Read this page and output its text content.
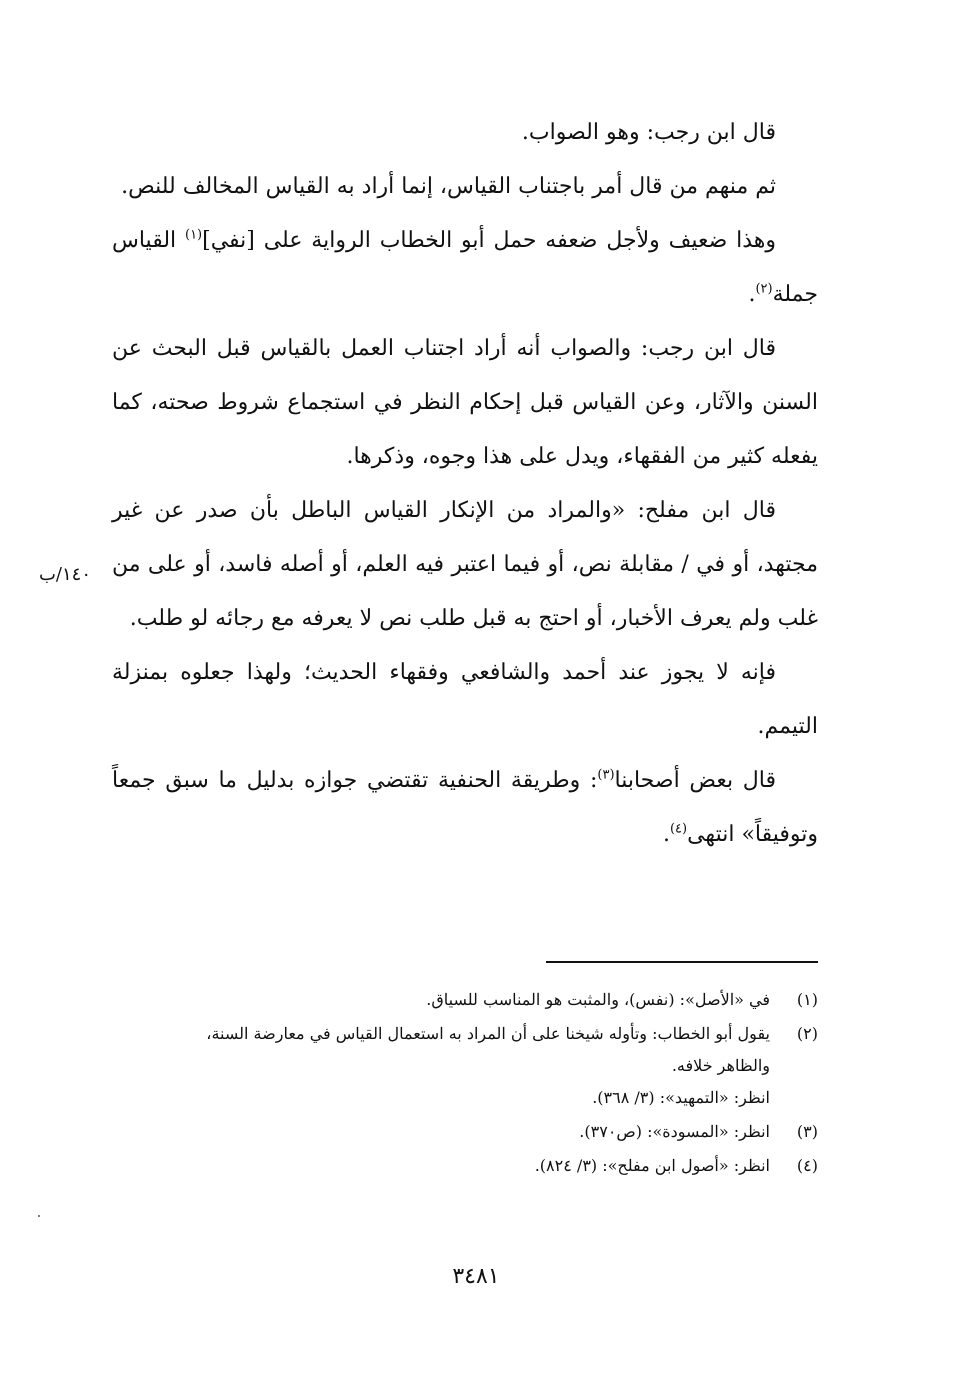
قال ابن رجب: وهو الصواب.

ثم منهم من قال أمر باجتناب القياس، إنما أراد به القياس المخالف للنص.

وهذا ضعيف ولأجل ضعفه حمل أبو الخطاب الرواية على [نفي]$^{(١)}$ القياس جملة$^{(٢)}$.

قال ابن رجب: والصواب أنه أراد اجتناب العمل بالقياس قبل البحث عن السنن والآثار، وعن القياس قبل إحكام النظر في استجماع شروط صحته، كما يفعله كثير من الفقهاء، ويدل على هذا وجوه، وذكرها.

قال ابن مفلح: «والمراد من الإنكار القياس الباطل بأن صدر عن غير مجتهد، أو في / مقابلة نص، أو فيما اعتبر فيه العلم، أو أصله فاسد، أو على من غلب ولم يعرف الأخبار، أو احتج به قبل طلب نص لا يعرفه مع رجائه لو طلب.

فإنه لا يجوز عند أحمد والشافعي وفقهاء الحديث؛ ولهذا جعلوه بمنزلة التيمم.

قال بعض أصحابنا$^{(٣)}$: وطريقة الحنفية تقتضي جوازه بدليل ما سبق جمعاً وتوفيقاً» انتهى$^{(٤)}$.

١٤٠/ب
(١)
في «الأصل»: (نفس)، والمثبت هو المناسب للسياق.
(٢)
يقول أبو الخطاب: وتأوله شيخنا على أن المراد به استعمال القياس في معارضة السنة،
والظاهر خلافه.
انظر: «التمهيد»: (٣/ ٣٦٨).
(٣)
انظر: «المسودة»: (ص٣٧٠).
(٤)
انظر: «أصول ابن مفلح»: (٣/ ٨٢٤).
٣٤٨١
